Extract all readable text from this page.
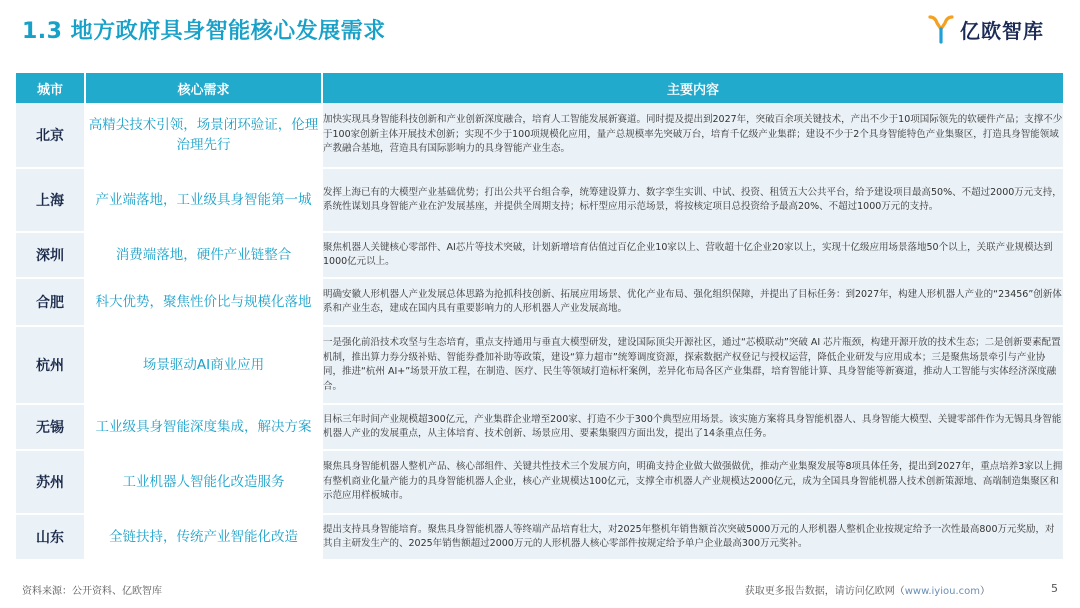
1.3 地方政府具身智能核心发展需求	亿欧智库
城市	核心需求	主要内容
北京	高精尖技术引领，场景闭环验证，伦理治理先行	加快实现具身智能科技创新和产业创新深度融合，培育人工智能发展新赛道。同时提及提出到2027年，突破百余项关键技术，产出不少于10项国际领先的软硬件产品；支撑不少于100家创新主体开展技术创新；实现不少于100项规模化应用，量产总规模率先突破万台，培育千亿级产业集群；建设不少于2个具身智能特色产业集聚区，打造具身智能领域产教融合基地，营造具有国际影响力的具身智能产业生态。
上海	产业端落地，工业级具身智能第一城	发挥上海已有的大模型产业基础优势；打出公共平台组合拳，统筹建设算力、数字孪生实训、中试、投资、租赁五大公共平台，给予建设项目最高50%、不超过2000万元支持，系统性谋划具身智能产业在沪发展基座，并提供全周期支持；标杆型应用示范场景，将按核定项目总投资给予最高20%、不超过1000万元的支持。
深圳	消费端落地，硬件产业链整合	聚焦机器人关键核心零部件、AI芯片等技术突破，计划新增培育估值过百亿企业10家以上、营收超十亿企业20家以上，实现十亿级应用场景落地50个以上，关联产业规模达到1000亿元以上。
合肥	科大优势，聚焦性价比与规模化落地	明确安徽人形机器人产业发展总体思路为抢抓科技创新、拓展应用场景、优化产业布局、强化组织保障，并提出了目标任务：到2027年，构建人形机器人产业的“23456”创新体系和产业生态，建成在国内具有重要影响力的人形机器人产业发展高地。
杭州	场景驱动AI商业应用	一是强化前沿技术攻坚与生态培育，重点支持通用与垂直大模型研发，建设国际顶尖开源社区，通过“芯模联动”突破 AI 芯片瓶颈，构建开源开放的技术生态；二是创新要素配置机制，推出算力券分级补贴、智能券叠加补助等政策，建设“算力超市”统筹调度资源，探索数据产权登记与授权运营，降低企业研发与应用成本；三是聚焦场景牵引与产业协同，推进“杭州 AI+”场景开放工程，在制造、医疗、民生等领域打造标杆案例，差异化布局各区产业集群，培育智能计算、具身智能等新赛道，推动人工智能与实体经济深度融合。
无锡	工业级具身智能深度集成，解决方案	目标三年时间产业规模超300亿元，产业集群企业增至200家、打造不少于300个典型应用场景。该实施方案将具身智能机器人、具身智能大模型、关键零部件作为无锡具身智能机器人产业的发展重点，从主体培育、技术创新、场景应用、要素集聚四方面出发，提出了14条重点任务。
苏州	工业机器人智能化改造服务	聚焦具身智能机器人整机产品、核心部组件、关键共性技术三个发展方向，明确支持企业做大做强做优，推动产业集聚发展等8项具体任务，提出到2027年，重点培养3家以上拥有整机商业化量产能力的具身智能机器人企业，核心产业规模达100亿元，支撑全市机器人产业规模达2000亿元，成为全国具身智能机器人技术创新策源地、高端制造集聚区和示范应用样板城市。
山东	全链扶持，传统产业智能化改造	提出支持具身智能培育。聚焦具身智能机器人等终端产品培育壮大，对2025年整机年销售额首次突破5000万元的人形机器人整机企业按规定给予一次性最高800万元奖励，对其自主研发生产的、2025年销售额超过2000万元的人形机器人核心零部件按规定给予单户企业最高300万元奖补。
资料来源：公开资料、亿欧智库	获取更多报告数据，请访问亿欧网（www.iyiou.com）	5
